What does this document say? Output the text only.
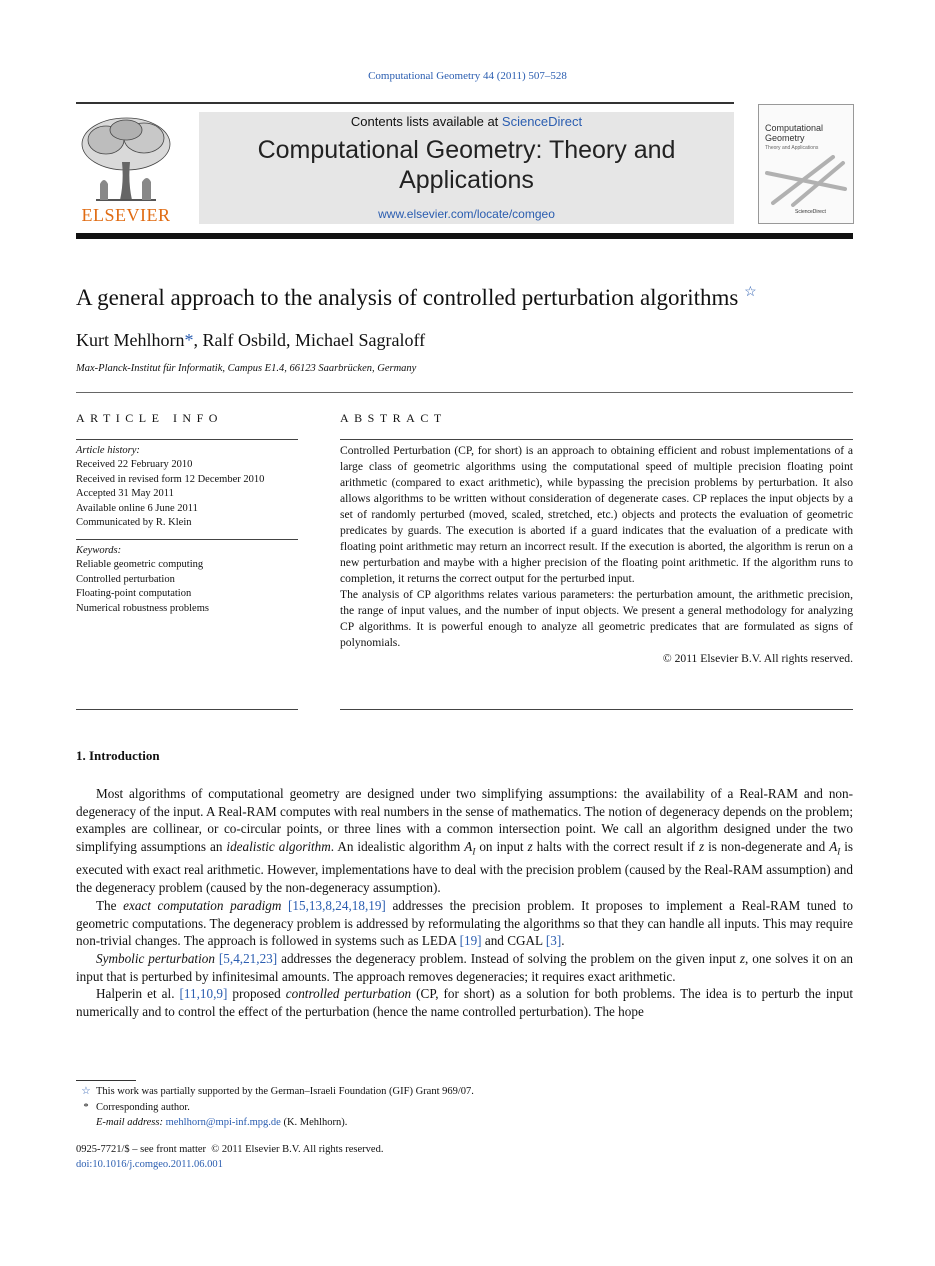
Computational Geometry 44 (2011) 507–528
ELSEVIER
Contents lists available at ScienceDirect
Computational Geometry: Theory and
Applications
www.elsevier.com/locate/comgeo
Computational Geometry
Theory and Applications
ScienceDirect
A general approach to the analysis of controlled perturbation algorithms ☆
Kurt Mehlhorn*, Ralf Osbild, Michael Sagraloff
Max-Planck-Institut für Informatik, Campus E1.4, 66123 Saarbrücken, Germany
ARTICLE INFO
Article history:
Received 22 February 2010
Received in revised form 12 December 2010
Accepted 31 May 2011
Available online 6 June 2011
Communicated by R. Klein
Keywords:
Reliable geometric computing
Controlled perturbation
Floating-point computation
Numerical robustness problems
ABSTRACT

Controlled Perturbation (CP, for short) is an approach to obtaining efficient and robust implementations of a large class of geometric algorithms using the computational speed of multiple precision floating point arithmetic (compared to exact arithmetic), while bypassing the precision problems by perturbation. It also allows algorithms to be written without consideration of degenerate cases. CP replaces the input objects by a set of randomly perturbed (moved, scaled, stretched, etc.) objects and protects the evaluation of geometric predicates by guards. The execution is aborted if a guard indicates that the evaluation of a predicate with floating point arithmetic may return an incorrect result. If the execution is aborted, the algorithm is rerun on a new perturbation and maybe with a higher precision of the floating point arithmetic. If the algorithm runs to completion, it returns the correct output for the perturbed input.

The analysis of CP algorithms relates various parameters: the perturbation amount, the arithmetic precision, the range of input values, and the number of input objects. We present a general methodology for analyzing CP algorithms. It is powerful enough to analyze all geometric predicates that are formulated as signs of polynomials.

© 2011 Elsevier B.V. All rights reserved.

1. Introduction

Most algorithms of computational geometry are designed under two simplifying assumptions: the availability of a Real-RAM and non-degeneracy of the input. A Real-RAM computes with real numbers in the sense of mathematics. The notion of degeneracy depends on the problem; examples are collinear, or co-circular points, or three lines with a common intersection point. We call an algorithm designed under the two simplifying assumptions an idealistic algorithm. An idealistic algorithm $A_I$ on input z halts with the correct result if z is non-degenerate and $A_I$ is executed with exact real arithmetic. However, implementations have to deal with the precision problem (caused by the Real-RAM assumption) and the degeneracy problem (caused by the non-degeneracy assumption).

The exact computation paradigm [15,13,8,24,18,19] addresses the precision problem. It proposes to implement a Real-RAM tuned to geometric computations. The degeneracy problem is addressed by reformulating the algorithms so that they can handle all inputs. This may require non-trivial changes. The approach is followed in systems such as LEDA [19] and CGAL [3].

Symbolic perturbation [5,4,21,23] addresses the degeneracy problem. Instead of solving the problem on the given input z, one solves it on an input that is perturbed by infinitesimal amounts. The approach removes degeneracies; it requires exact arithmetic.

Halperin et al. [11,10,9] proposed controlled perturbation (CP, for short) as a solution for both problems. The idea is to perturb the input numerically and to control the effect of the perturbation (hence the name controlled perturbation). The hope

☆ This work was partially supported by the German–Israeli Foundation (GIF) Grant 969/07.
* Corresponding author.
E-mail address: mehlhorn@mpi-inf.mpg.de (K. Mehlhorn).
0925-7721/$ – see front matter  © 2011 Elsevier B.V. All rights reserved.
doi:10.1016/j.comgeo.2011.06.001
